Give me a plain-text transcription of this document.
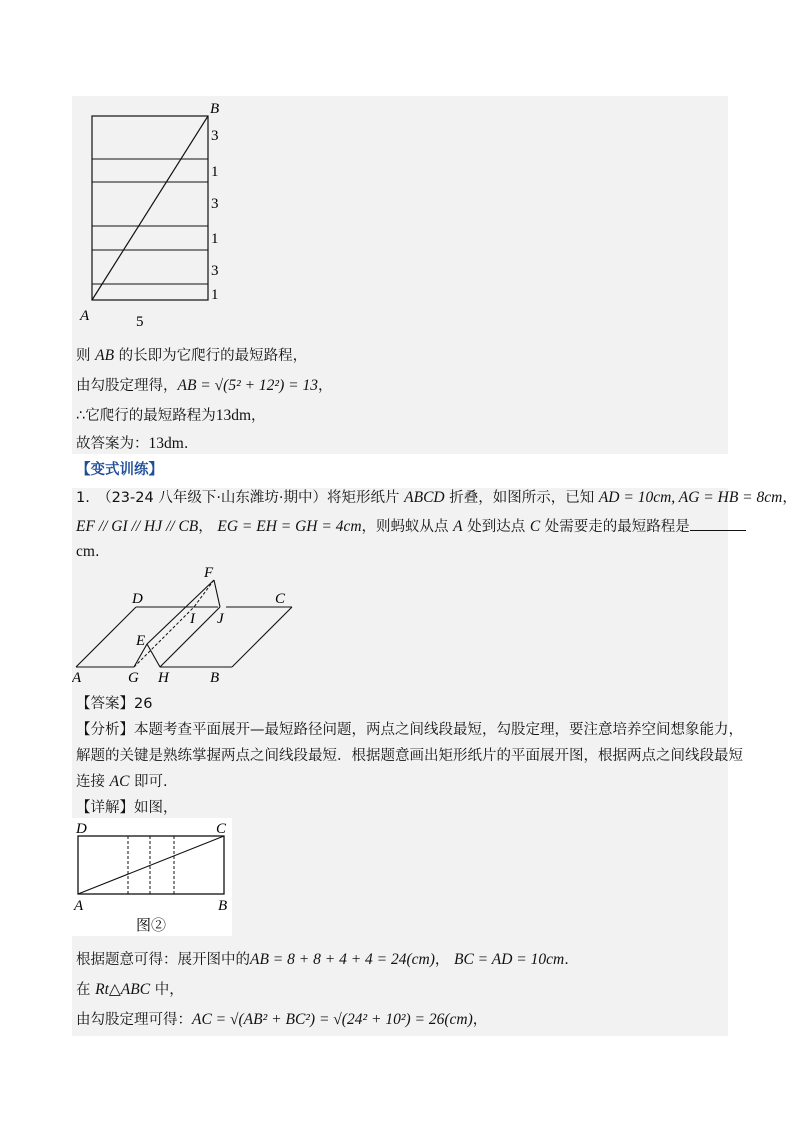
B
A	5
3
1
3
1
3
1
则 AB 的长即为它爬行的最短路程，
由勾股定理得，AB = √(5² + 12²) = 13，
∴它爬行的最短路程为13dm，
故答案为：13dm.
【变式训练】
1.　（23-24 八年级下·山东潍坊·期中）将矩形纸片 ABCD 折叠，如图所示，已知 AD = 10cm, AG = HB = 8cm，
EF // GI // HJ // CB， EG = EH = GH = 4cm，则蚂蚁从点 A 处到达点 C 处需要走的最短路程是
cm.
D	C
F
I J
E
A	G H	B
【答案】26
【分析】本题考查平面展开—最短路径问题，两点之间线段最短，勾股定理，要注意培养空间想象能力，
解题的关键是熟练掌握两点之间线段最短．根据题意画出矩形纸片的平面展开图，根据两点之间线段最短
连接 AC 即可.
【详解】如图，
D	C
A	B
图②
根据题意可得：展开图中的AB = 8 + 8 + 4 + 4 = 24(cm)， BC = AD = 10cm.
在 Rt△ABC 中，
由勾股定理可得：AC = √(AB² + BC²) = √(24² + 10²) = 26(cm)，
